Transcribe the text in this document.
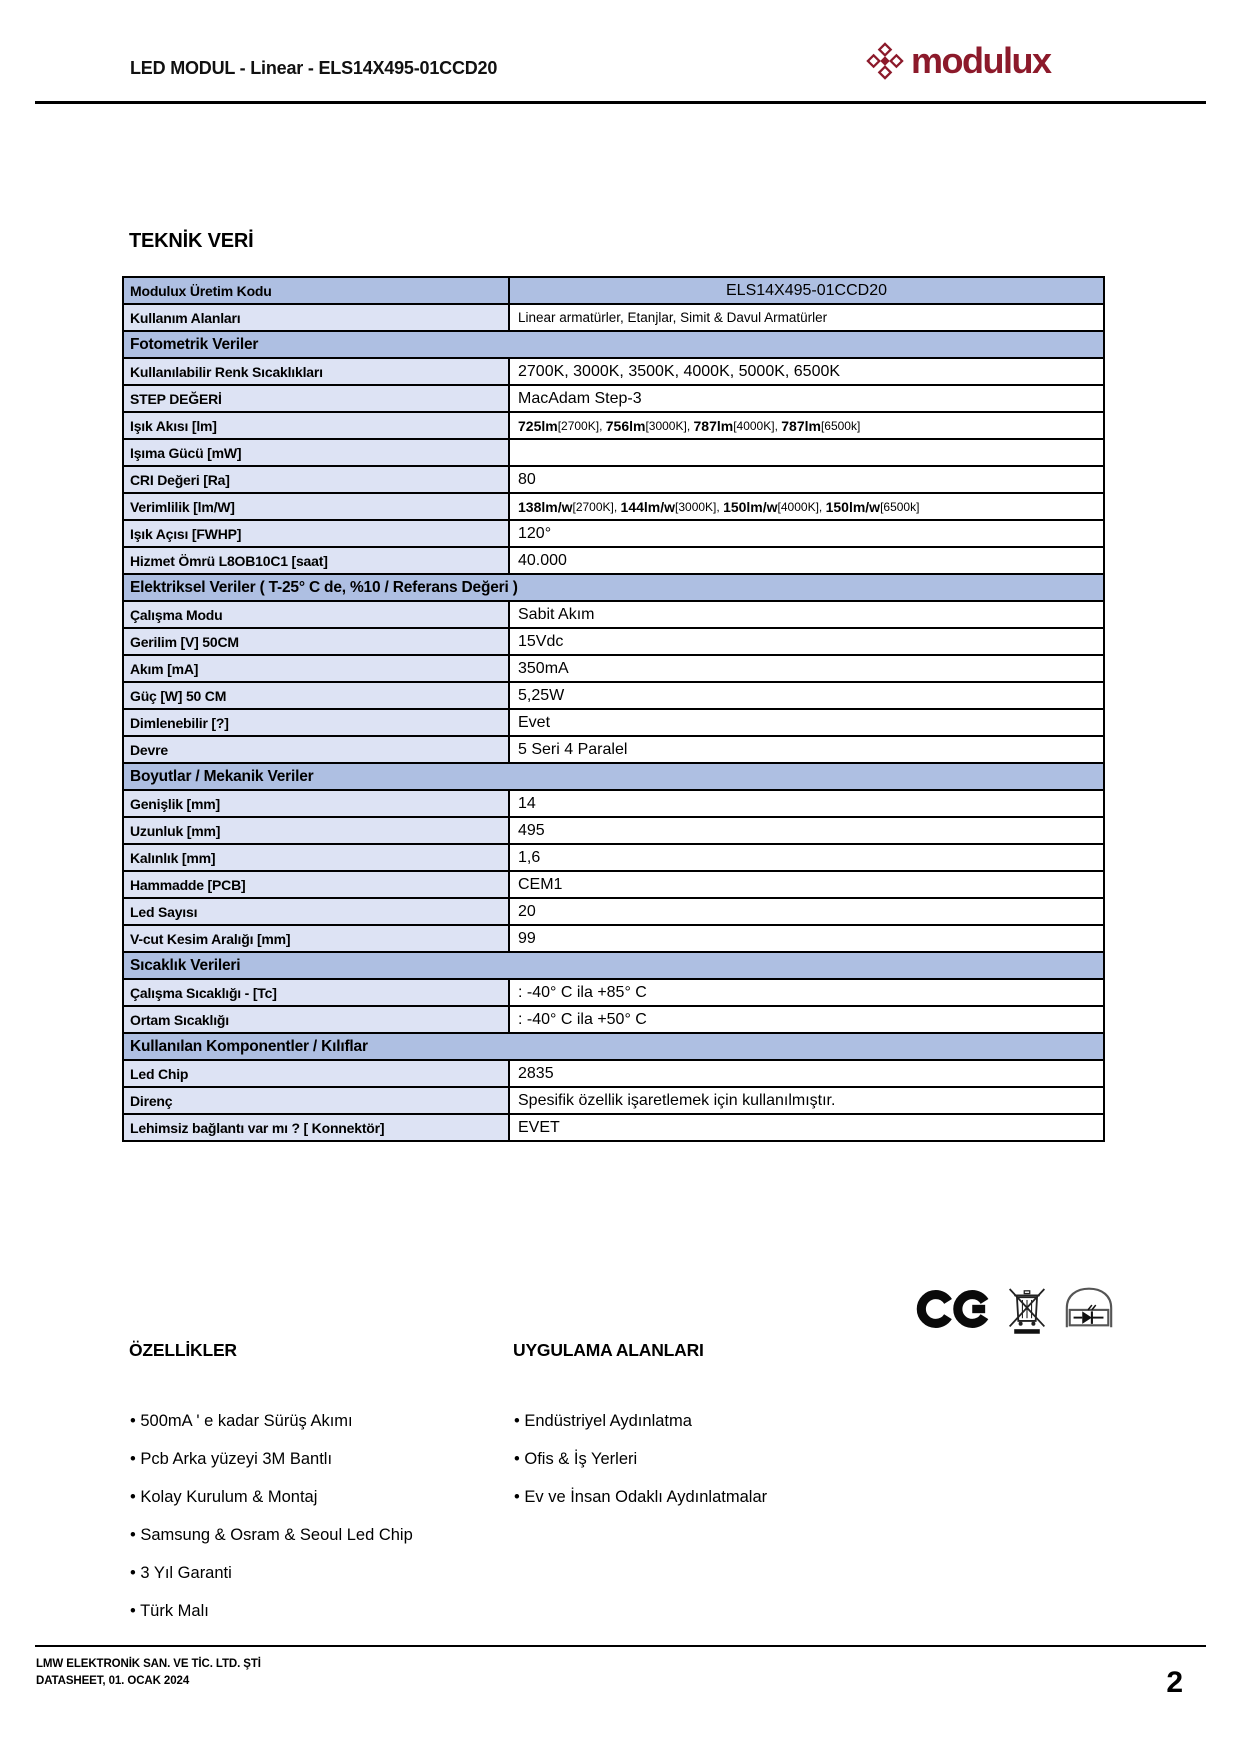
LED MODUL - Linear - ELS14X495-01CCD20	modulux
TEKNİK VERİ
Modulux Üretim Kodu	ELS14X495-01CCD20
Kullanım Alanları	Linear armatürler, Etanjlar, Simit & Davul Armatürler
Fotometrik Veriler
Kullanılabilir Renk Sıcaklıkları	2700K, 3000K, 3500K, 4000K, 5000K, 6500K
STEP DEĞERİ	MacAdam Step-3
Işık Akısı [lm]	725lm [2700K], 756lm [3000K], 787lm [4000K], 787lm [6500k]
Işıma Gücü [mW]
CRI Değeri [Ra]	80
Verimlilik [lm/W]	138lm/w [2700K], 144lm/w [3000K], 150lm/w [4000K], 150lm/w [6500k]
Işık Açısı [FWHP]	120°
Hizmet Ömrü L8OB10C1 [saat]	40.000
Elektriksel Veriler ( T-25° C de, %10 / Referans Değeri )
Çalışma Modu	Sabit Akım
Gerilim [V] 50CM	15Vdc
Akım [mA]	350mA
Güç [W] 50 CM	5,25W
Dimlenebilir [?]	Evet
Devre	5 Seri 4 Paralel
Boyutlar / Mekanik Veriler
Genişlik [mm]	14
Uzunluk [mm]	495
Kalınlık [mm]	1,6
Hammadde [PCB]	CEM1
Led Sayısı	20
V-cut Kesim Aralığı [mm]	99
Sıcaklık Verileri
Çalışma Sıcaklığı - [Tc]	: -40° C ila +85° C
Ortam Sıcaklığı	: -40° C ila +50° C
Kullanılan Komponentler / Kılıflar
Led Chip	2835
Direnç	Spesifik özellik işaretlemek için kullanılmıştır.
Lehimsiz bağlantı var mı ? [ Konnektör]	EVET
ÖZELLİKLER	UYGULAMA ALANLARI
• 500mA ' e kadar Sürüş Akımı
• Pcb Arka yüzeyi 3M Bantlı
• Kolay Kurulum & Montaj
• Samsung & Osram & Seoul Led Chip
• 3 Yıl Garanti
• Türk Malı
• Endüstriyel Aydınlatma
• Ofis & İş Yerleri
• Ev ve İnsan Odaklı Aydınlatmalar
LMW ELEKTRONİK SAN. VE TİC. LTD. ŞTİ
DATASHEET, 01. OCAK 2024	2
